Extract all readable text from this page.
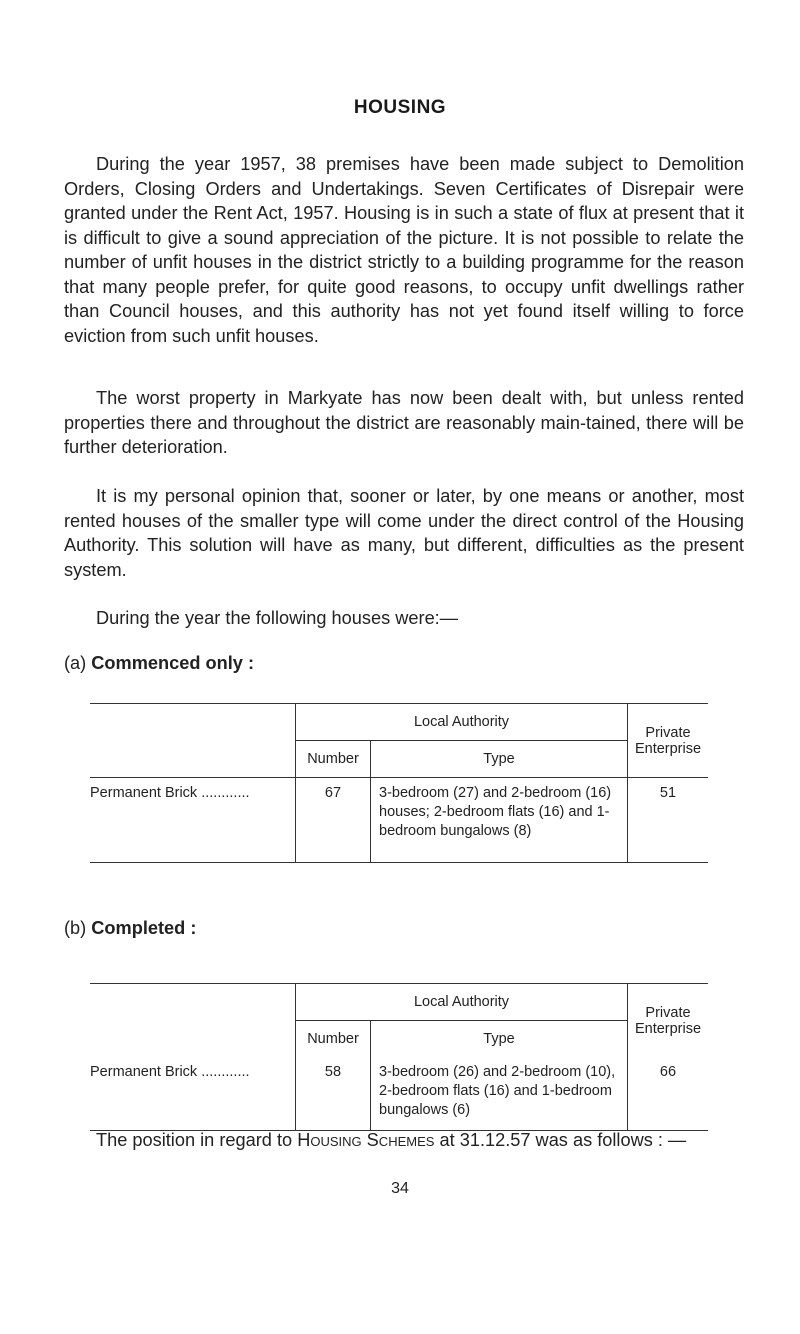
HOUSING

During the year 1957, 38 premises have been made subject to Demolition Orders, Closing Orders and Undertakings. Seven Certificates of Disrepair were granted under the Rent Act, 1957. Housing is in such a state of flux at present that it is difficult to give a sound appreciation of the picture. It is not possible to relate the number of unfit houses in the district strictly to a building programme for the reason that many people prefer, for quite good reasons, to occupy unfit dwellings rather than Council houses, and this authority has not yet found itself willing to force eviction from such unfit houses.

The worst property in Markyate has now been dealt with, but unless rented properties there and throughout the district are reasonably main-tained, there will be further deterioration.

It is my personal opinion that, sooner or later, by one means or another, most rented houses of the smaller type will come under the direct control of the Housing Authority. This solution will have as many, but different, difficulties as the present system.

During the year the following houses were:—

(a) Commenced only :
	Local Authority		Private Enterprise
	Number	Type	
Permanent Brick ............	67	3-bedroom (27) and 2-bedroom (16) houses; 2-bedroom flats (16) and 1-bedroom bungalows (8)	51
(b) Completed :
	Local Authority		Private Enterprise
	Number	Type	
Permanent Brick ............	58	3-bedroom (26) and 2-bedroom (10), 2-bedroom flats (16) and 1-bedroom bungalows (6)	66

The position in regard to Housing Schemes at 31.12.57 was as follows : —

34
